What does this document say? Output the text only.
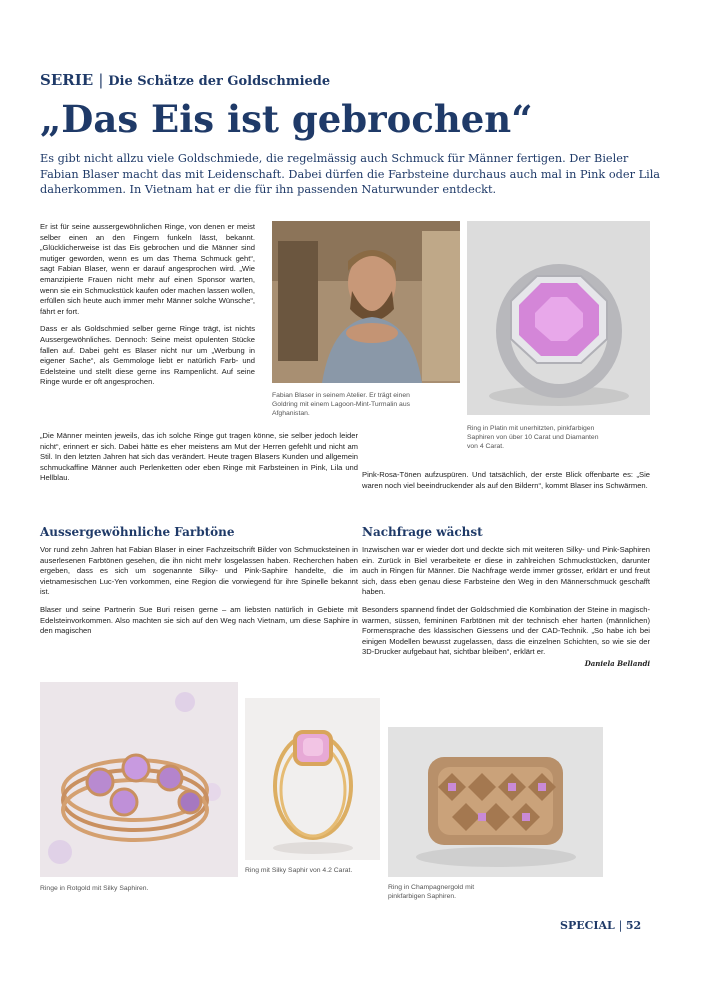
SERIE | Die Schätze der Goldschmiede
„Das Eis ist gebrochen“

Es gibt nicht allzu viele Goldschmiede, die regelmässig auch Schmuck für Männer fertigen. Der Bieler Fabian Blaser macht das mit Leidenschaft. Dabei dürfen die Farbsteine durchaus auch mal in Pink oder Lila daherkommen. In Vietnam hat er die für ihn passenden Naturwunder entdeckt.

Er ist für seine aussergewöhnlichen Ringe, von denen er meist selber einen an den Fingern funkeln lässt, bekannt. „Glücklicherweise ist das Eis gebrochen und die Männer sind mutiger geworden, wenn es um das Thema Schmuck geht“, sagt Fabian Blaser, wenn er darauf angesprochen wird. „Wie emanzipierte Frauen nicht mehr auf einen Sponsor warten, wenn sie ein Schmuckstück kaufen oder machen lassen wollen, erfüllen sich heute auch immer mehr Männer solche Wünsche“, fährt er fort.

Dass er als Goldschmied selber gerne Ringe trägt, ist nichts Aussergewöhnliches. Dennoch: Seine meist opulenten Stücke fallen auf. Dabei geht es Blaser nicht nur um „Werbung in eigener Sache“, als Gemmologe liebt er natürlich Farb- und Edelsteine und stellt diese gerne ins Rampenlicht. Auf seine Ringe wurde er oft angesprochen.

„Die Männer meinten jeweils, das ich solche Ringe gut tragen könne, sie selber jedoch leider nicht“, erinnert er sich. Dabei hätte es eher meistens am Mut der Herren gefehlt und nicht am Stil. In den letzten Jahren hat sich das verändert. Heute tragen Blasers Kunden und allgemein schmuckaffine Männer auch Perlenketten oder eben Ringe mit Farbsteinen in Pink, Lila und Hellblau.	Pink-Rosa-Tönen aufzuspüren. Und tatsächlich, der erste Blick offenbarte es: „Sie waren noch viel beeindruckender als auf den Bildern“, kommt Blaser ins Schwärmen.

Fabian Blaser in seinem Atelier. Er trägt einen Goldring mit einem Lagoon-Mint-Turmalin aus Afghanistan.

Ring in Platin mit unerhitzten, pinkfarbigen Saphiren von über 10 Carat und Diamanten von 4 Carat.

Aussergewöhnliche Farbtöne	Nachfrage wächst

Vor rund zehn Jahren hat Fabian Blaser in einer Fachzeitschrift Bilder von Schmucksteinen in auserlesenen Farbtönen gesehen, die ihn nicht mehr losgelassen haben. Recherchen haben ergeben, dass es sich um sogenannte Silky- und Pink-Saphire handelte, die im vietnamesischen Luc-Yen vorkommen, eine Region die vorwiegend für ihre Spinelle bekannt ist.

Blaser und seine Partnerin Sue Buri reisen gerne – am liebsten natürlich in Gebiete mit Edelsteinvorkommen. Also machten sie sich auf den Weg nach Vietnam, um diese Saphire in den magischen

Inzwischen war er wieder dort und deckte sich mit weiteren Silky- und Pink-Saphiren ein. Zurück in Biel verarbeitete er diese in zahlreichen Schmuckstücken, darunter auch in Ringen für Männer. Die Nachfrage werde immer grösser, erklärt er und freut sich, dass eben genau diese Farbsteine den Weg in den Männerschmuck geschafft haben.

Besonders spannend findet der Goldschmied die Kombination der Steine in magisch-warmen, süssen, femininen Farbtönen mit der technisch eher harten (männlichen) Formensprache des klassischen Giessens und der CAD-Technik. „So habe ich bei einigen Modellen bewusst zugelassen, dass die einzelnen Schichten, so wie sie der 3D-Drucker aufgebaut hat, sichtbar bleiben“, erklärt er.

Daniela Bellandi

Ringe in Rotgold mit Silky Saphiren.

Ring mit Silky Saphir von 4.2 Carat.

Ring in Champagnergold mit pinkfarbigen Saphiren.

SPECIAL | 52
